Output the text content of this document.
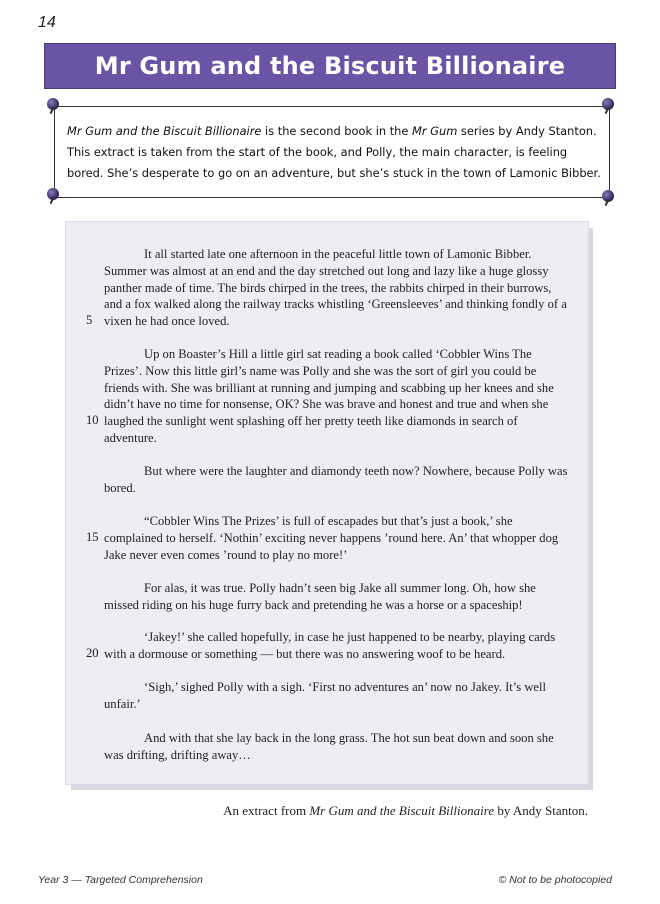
14
Mr Gum and the Biscuit Billionaire

Mr Gum and the Biscuit Billionaire is the second book in the Mr Gum series by Andy Stanton. This extract is taken from the start of the book, and Polly, the main character, is feeling bored. She’s desperate to go on an adventure, but she’s stuck in the town of Lamonic Bibber.

It all started late one afternoon in the peaceful little town of Lamonic Bibber. Summer was almost at an end and the day stretched out long and lazy like a huge glossy panther made of time. The birds chirped in the trees, the rabbits chirped in their burrows, and a fox walked along the railway tracks whistling ‘Greensleeves’ and thinking fondly of a vixen he had once loved.

Up on Boaster’s Hill a little girl sat reading a book called ‘Cobbler Wins The Prizes’. Now this little girl’s name was Polly and she was the sort of girl you could be friends with. She was brilliant at running and jumping and scabbing up her knees and she didn’t have no time for nonsense, OK? She was brave and honest and true and when she laughed the sunlight went splashing off her pretty teeth like diamonds in search of adventure.

But where were the laughter and diamondy teeth now? Nowhere, because Polly was bored.

“Cobbler Wins The Prizes’ is full of escapades but that’s just a book,’ she complained to herself. ‘Nothin’ exciting never happens ’round here. An’ that whopper dog Jake never even comes ’round to play no more!’

For alas, it was true. Polly hadn’t seen big Jake all summer long. Oh, how she missed riding on his huge furry back and pretending he was a horse or a spaceship!

‘Jakey!’ she called hopefully, in case he just happened to be nearby, playing cards with a dormouse or something — but there was no answering woof to be heard.

‘Sigh,’ sighed Polly with a sigh. ‘First no adventures an’ now no Jakey. It’s well unfair.’

And with that she lay back in the long grass. The hot sun beat down and soon she was drifting, drifting away…

5
10
15
20
An extract from Mr Gum and the Biscuit Billionaire by Andy Stanton.
Year 3 — Targeted Comprehension	© Not to be photocopied
